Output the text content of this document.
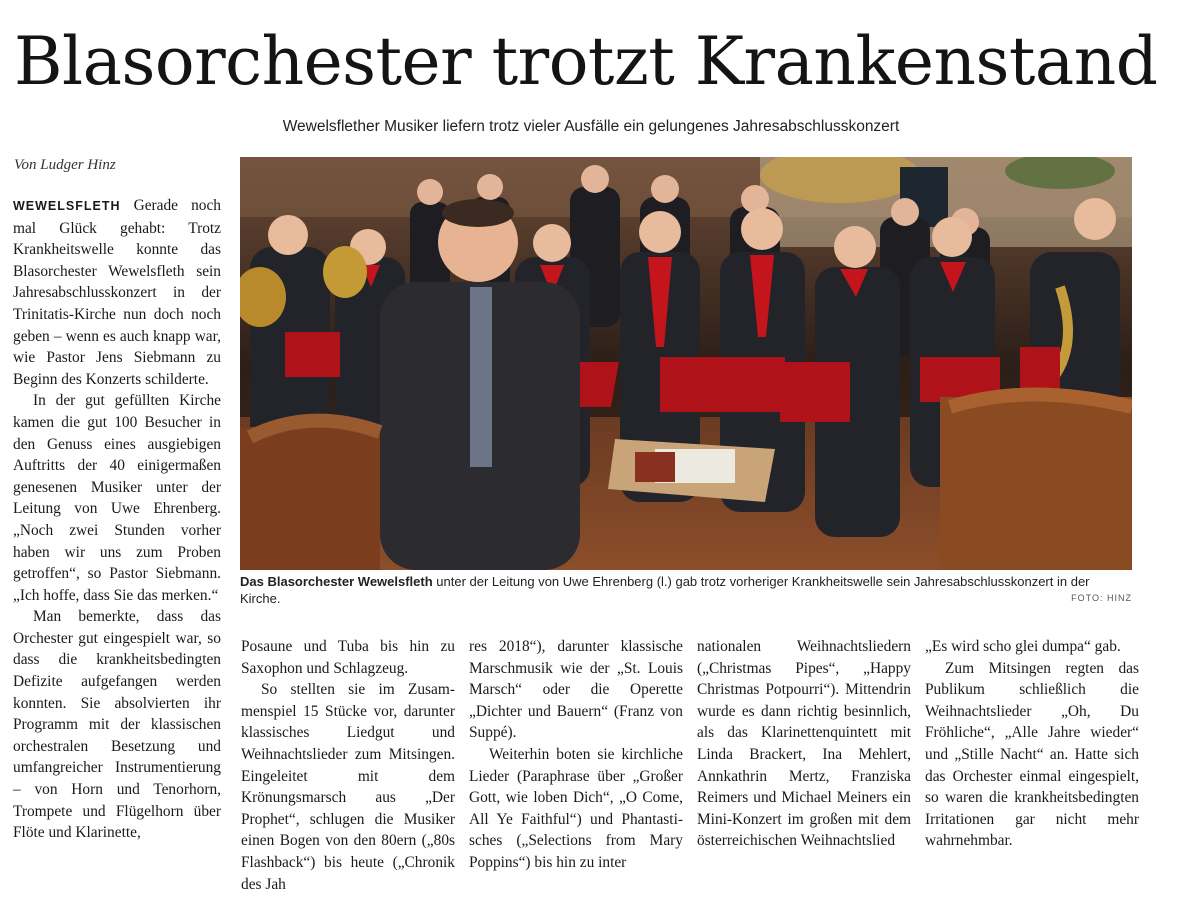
Blasorchester trotzt Krankenstand
Wewelsflether Musiker liefern trotz vieler Ausfälle ein gelungenes Jahresabschlusskonzert
Von Ludger Hinz

WEWELSFLETH Gerade noch mal Glück gehabt: Trotz Krankheitswelle konnte das Blasorchester Wewelsfleth sein Jahresabschlusskonzert in der Trinitatis-Kirche nun doch noch geben – wenn es auch knapp war, wie Pastor Jens Siebmann zu Beginn des Konzerts schilderte.

In der gut gefüllten Kirche kamen die gut 100 Besucher in den Genuss eines ausgiebigen Auftritts der 40 einigermaßen genesenen Musiker unter der Leitung von Uwe Ehrenberg. „Noch zwei Stunden vorher haben wir uns zum Proben getroffen“, so Pastor Siebmann. „Ich hoffe, dass Sie das merken.“

Man bemerkte, dass das Orchester gut eingespielt war, so dass die krankheitsbedingten Defizite aufgefangen werden konnten. Sie absolvierten ihr Programm mit der klassischen orchestralen Besetzung und umfangreicher Instrumentierung – von Horn und Tenorhorn, Trompete und Flügelhorn über Flöte und Klarinette,

Das Blasorchester Wewelsfleth unter der Leitung von Uwe Ehrenberg (l.) gab trotz vorheriger Krankheitswelle sein Jahresabschlusskonzert in der Kirche.	FOTO: HINZ

Posaune und Tuba bis hin zu Saxophon und Schlagzeug.

So stellten sie im Zusammenspiel 15 Stücke vor, darunter klassisches Liedgut und Weihnachtslieder zum Mitsingen. Eingeleitet mit dem Krönungsmarsch aus „Der Prophet“, schlugen die Musiker einen Bogen von den 80ern („80s Flashback“) bis heute („Chronik des Jah

res 2018“), darunter klassische Marschmusik wie der „St. Louis Marsch“ oder die Operette „Dichter und Bauern“ (Franz von Suppé).

Weiterhin boten sie kirchliche Lieder (Paraphrase über „Großer Gott, wie loben Dich“, „O Come, All Ye Faithful“) und Phantastisches („Selections from Mary Poppins“) bis hin zu inter

nationalen Weihnachtsliedern („Christmas Pipes“, „Happy Christmas Potpourri“). Mittendrin wurde es dann richtig besinnlich, als das Klarinettenquintett mit Linda Brackert, Ina Mehlert, Annkathrin Mertz, Franziska Reimers und Michael Meiners ein Mini-Konzert im großen mit dem österreichischen Weihnachtslied

„Es wird scho glei dumpa“ gab.

Zum Mitsingen regten das Publikum schließlich die Weihnachtslieder „Oh, Du Fröhliche“, „Alle Jahre wieder“ und „Stille Nacht“ an. Hatte sich das Orchester einmal eingespielt, so waren die krankheitsbedingten Irritationen gar nicht mehr wahrnehmbar.
